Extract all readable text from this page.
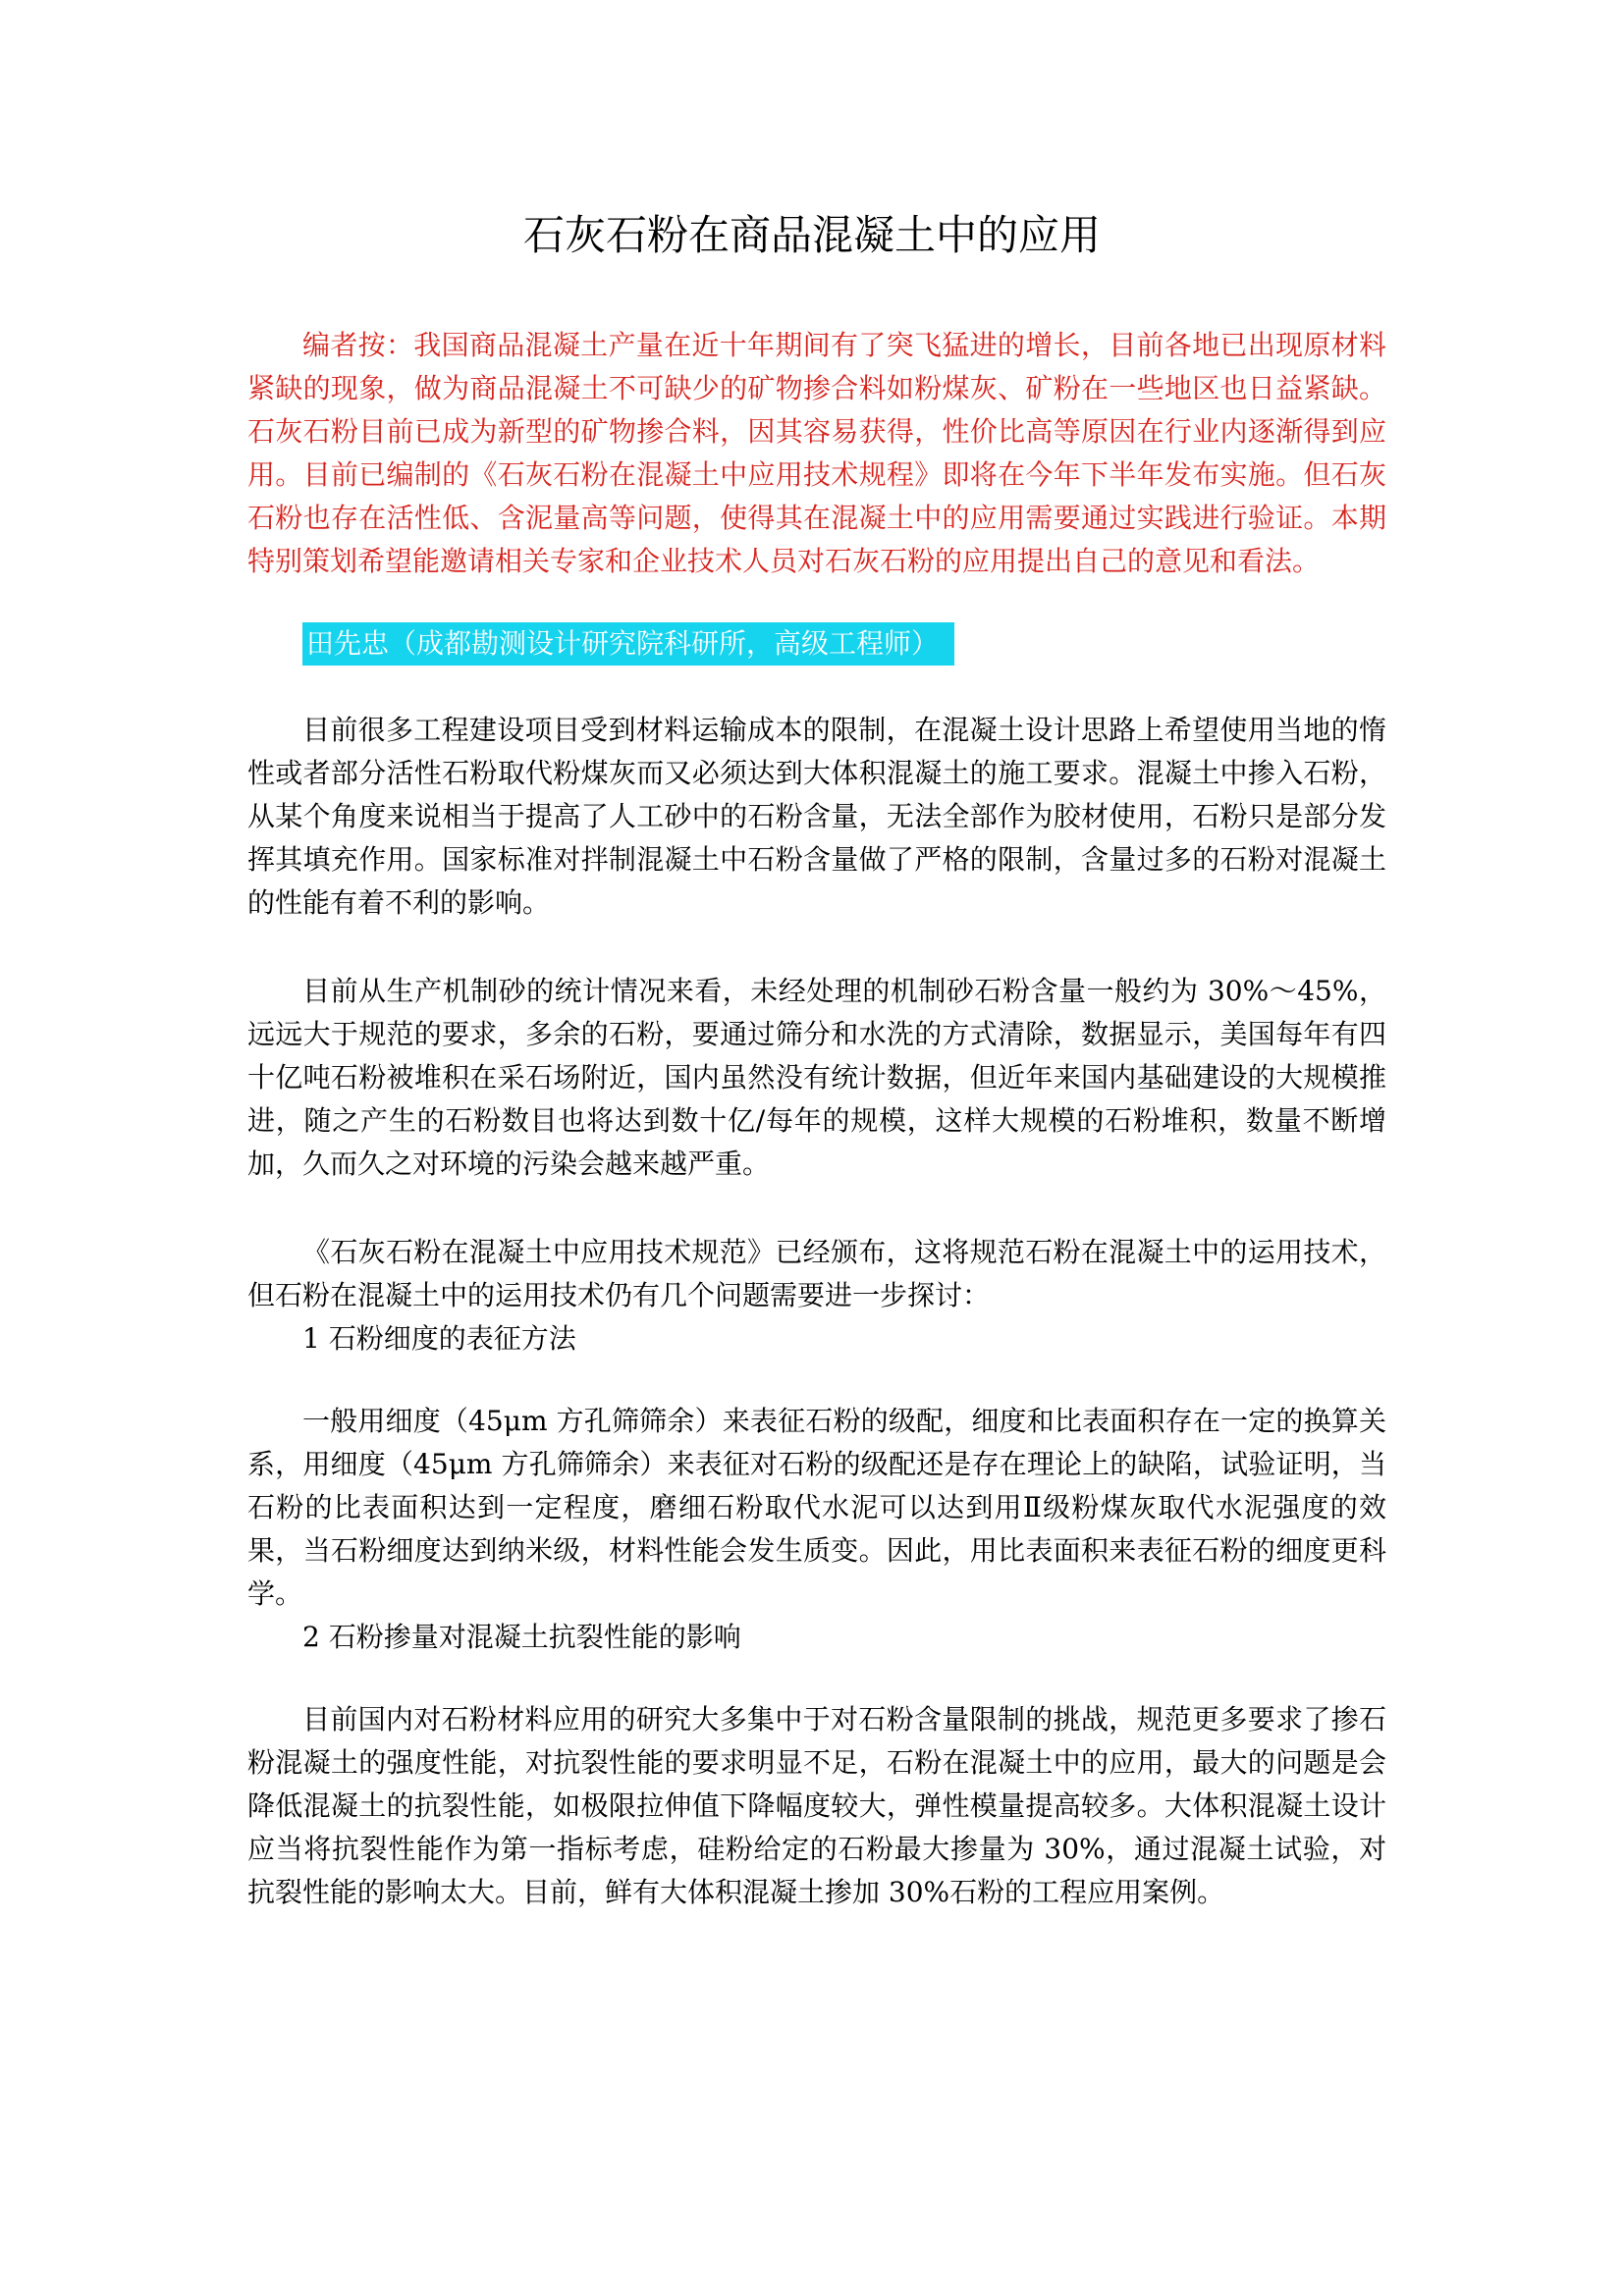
石灰石粉在商品混凝土中的应用

编者按：我国商品混凝土产量在近十年期间有了突飞猛进的增长，目前各地已出现原材料紧缺的现象，做为商品混凝土不可缺少的矿物掺合料如粉煤灰、矿粉在一些地区也日益紧缺。石灰石粉目前已成为新型的矿物掺合料，因其容易获得，性价比高等原因在行业内逐渐得到应用。目前已编制的《石灰石粉在混凝土中应用技术规程》即将在今年下半年发布实施。但石灰石粉也存在活性低、含泥量高等问题，使得其在混凝土中的应用需要通过实践进行验证。本期特别策划希望能邀请相关专家和企业技术人员对石灰石粉的应用提出自己的意见和看法。

田先忠（成都勘测设计研究院科研所，高级工程师）

目前很多工程建设项目受到材料运输成本的限制，在混凝土设计思路上希望使用当地的惰性或者部分活性石粉取代粉煤灰而又必须达到大体积混凝土的施工要求。混凝土中掺入石粉，从某个角度来说相当于提高了人工砂中的石粉含量，无法全部作为胶材使用，石粉只是部分发挥其填充作用。国家标准对拌制混凝土中石粉含量做了严格的限制，含量过多的石粉对混凝土的性能有着不利的影响。

目前从生产机制砂的统计情况来看，未经处理的机制砂石粉含量一般约为 30%～45%，远远大于规范的要求，多余的石粉，要通过筛分和水洗的方式清除，数据显示，美国每年有四十亿吨石粉被堆积在采石场附近，国内虽然没有统计数据，但近年来国内基础建设的大规模推进，随之产生的石粉数目也将达到数十亿/每年的规模，这样大规模的石粉堆积，数量不断增加，久而久之对环境的污染会越来越严重。

《石灰石粉在混凝土中应用技术规范》已经颁布，这将规范石粉在混凝土中的运用技术，但石粉在混凝土中的运用技术仍有几个问题需要进一步探讨：

1 石粉细度的表征方法

一般用细度（45μm 方孔筛筛余）来表征石粉的级配，细度和比表面积存在一定的换算关系，用细度（45μm 方孔筛筛余）来表征对石粉的级配还是存在理论上的缺陷，试验证明，当石粉的比表面积达到一定程度，磨细石粉取代水泥可以达到用Ⅱ级粉煤灰取代水泥强度的效果，当石粉细度达到纳米级，材料性能会发生质变。因此，用比表面积来表征石粉的细度更科学。

2 石粉掺量对混凝土抗裂性能的影响

目前国内对石粉材料应用的研究大多集中于对石粉含量限制的挑战，规范更多要求了掺石粉混凝土的强度性能，对抗裂性能的要求明显不足，石粉在混凝土中的应用，最大的问题是会降低混凝土的抗裂性能，如极限拉伸值下降幅度较大，弹性模量提高较多。大体积混凝土设计应当将抗裂性能作为第一指标考虑，硅粉给定的石粉最大掺量为 30%，通过混凝土试验，对抗裂性能的影响太大。目前，鲜有大体积混凝土掺加 30%石粉的工程应用案例。
